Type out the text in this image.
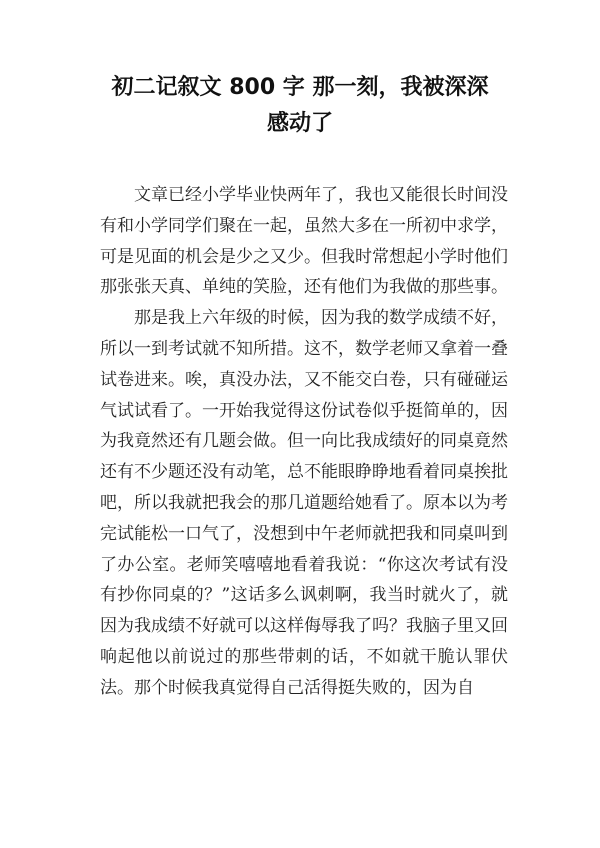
初二记叙文 800 字 那一刻，我被深深
感动了

文章已经小学毕业快两年了，我也又能很长时间没有和小学同学们聚在一起，虽然大多在一所初中求学，可是见面的机会是少之又少。但我时常想起小学时他们那张张天真、单纯的笑脸，还有他们为我做的那些事。

那是我上六年级的时候，因为我的数学成绩不好，所以一到考试就不知所措。这不，数学老师又拿着一叠试卷进来。唉，真没办法，又不能交白卷，只有碰碰运气试试看了。一开始我觉得这份试卷似乎挺简单的，因为我竟然还有几题会做。但一向比我成绩好的同桌竟然还有不少题还没有动笔，总不能眼睁睁地看着同桌挨批吧，所以我就把我会的那几道题给她看了。原本以为考完试能松一口气了，没想到中午老师就把我和同桌叫到了办公室。老师笑嘻嘻地看着我说：“你这次考试有没有抄你同桌的？”这话多么讽刺啊，我当时就火了，就因为我成绩不好就可以这样侮辱我了吗？我脑子里又回响起他以前说过的那些带刺的话，不如就干脆认罪伏法。那个时候我真觉得自己活得挺失败的，因为自
